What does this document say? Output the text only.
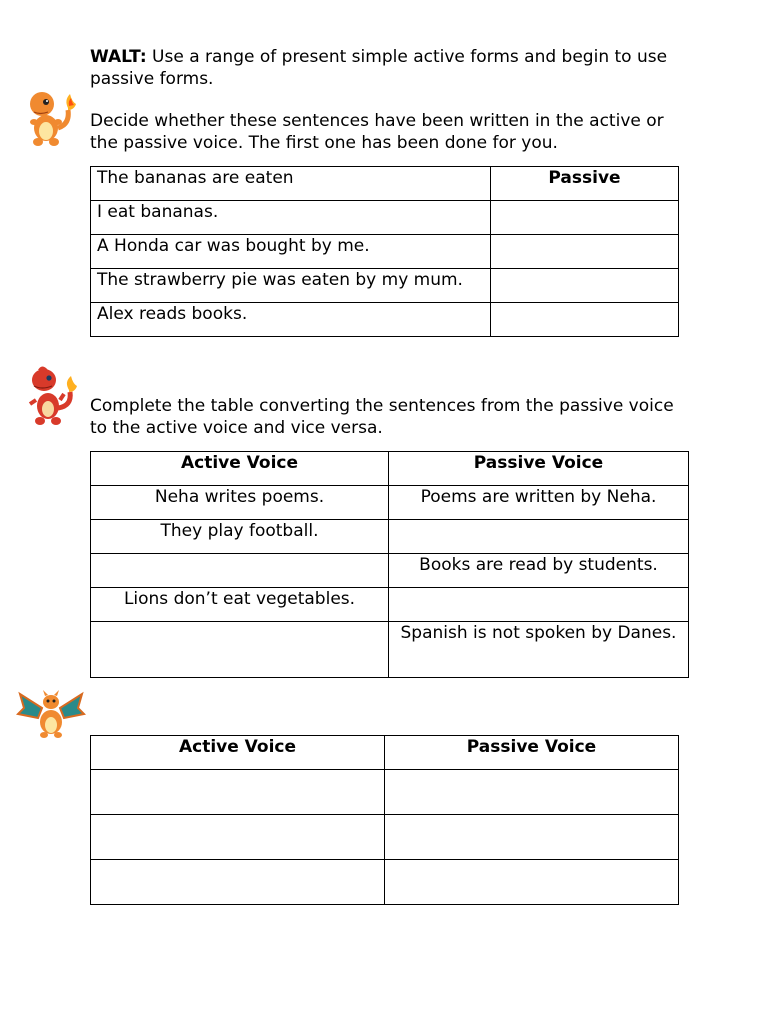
WALT: Use a range of present simple active forms and begin to use passive forms.

Decide whether these sentences have been written in the active or the passive voice. The first one has been done for you.

The bananas are eaten	Passive
I eat bananas.	
A Honda car was bought by me.	
The strawberry pie was eaten by my mum.	
Alex reads books.	

Complete the table converting the sentences from the passive voice to the active voice and vice versa.

Active Voice	Passive Voice
Neha writes poems.	Poems are written by Neha.
They play football.	
	Books are read by students.
Lions don’t eat vegetables.	
	Spanish is not spoken by Danes.
Active Voice	Passive Voice
